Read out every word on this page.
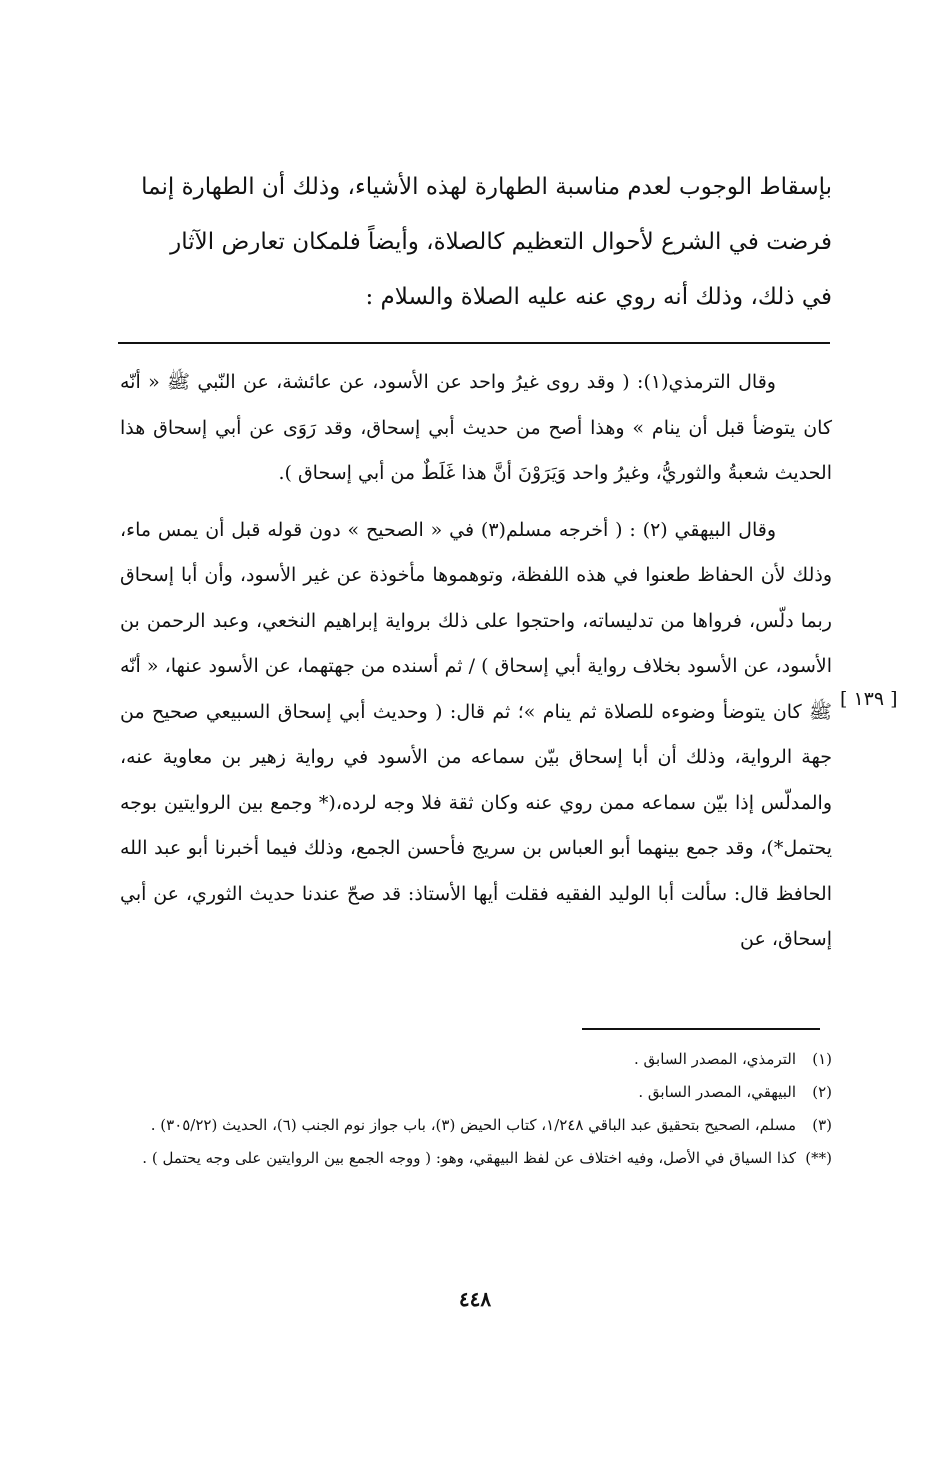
بإسقاط الوجوب لعدم مناسبة الطهارة لهذه الأشياء، وذلك أن الطهارة إنما

فرضت في الشرع لأحوال التعظيم كالصلاة، وأيضاً فلمكان تعارض الآثار

في ذلك، وذلك أنه روي عنه عليه الصلاة والسلام :

وقال الترمذي(١): ( وقد روى غيرُ واحد عن الأسود، عن عائشة، عن النّبي ﷺ « أنّه كان يتوضأ قبل أن ينام » وهذا أصح من حديث أبي إسحاق، وقد رَوَى عن أبي إسحاق هذا الحديث شعبةُ والثوريُّ، وغيرُ واحد وَيَرَوْنَ أنَّ هذا غَلَطٌ من أبي إسحاق ).

وقال البيهقي (٢) : ( أخرجه مسلم(٣) في « الصحيح » دون قوله قبل أن يمس ماء، وذلك لأن الحفاظ طعنوا في هذه اللفظة، وتوهموها مأخوذة عن غير الأسود، وأن أبا إسحاق ربما دلّس، فرواها من تدليساته، واحتجوا على ذلك برواية إبراهيم النخعي، وعبد الرحمن بن الأسود، عن الأسود بخلاف رواية أبي إسحاق ) / ثم أسنده من جهتهما، عن الأسود عنها، « أنّه ﷺ كان يتوضأ وضوءه للصلاة ثم ينام »؛ ثم قال: ( وحديث أبي إسحاق السبيعي صحيح من جهة الرواية، وذلك أن أبا إسحاق بيّن سماعه من الأسود في رواية زهير بن معاوية عنه، والمدلّس إذا بيّن سماعه ممن روي عنه وكان ثقة فلا وجه لرده،(* وجمع بين الروايتين بوجه يحتمل*)، وقد جمع بينهما أبو العباس بن سريج فأحسن الجمع، وذلك فيما أخبرنا أبو عبد الله الحافظ قال: سألت أبا الوليد الفقيه فقلت أيها الأستاذ: قد صحّ عندنا حديث الثوري، عن أبي إسحاق، عن

[ ١٣٩ ]
(١)
الترمذي، المصدر السابق .
(٢)
البيهقي، المصدر السابق .
(٣)
مسلم، الصحيح بتحقيق عبد الباقي ١/٢٤٨، كتاب الحيض (٣)، باب جواز نوم الجنب (٦)، الحديث (٣٠٥/٢٢) .
(**)
كذا السياق في الأصل، وفيه اختلاف عن لفظ البيهقي، وهو: ( ووجه الجمع بين الروايتين على وجه يحتمل ) .
٤٤٨
